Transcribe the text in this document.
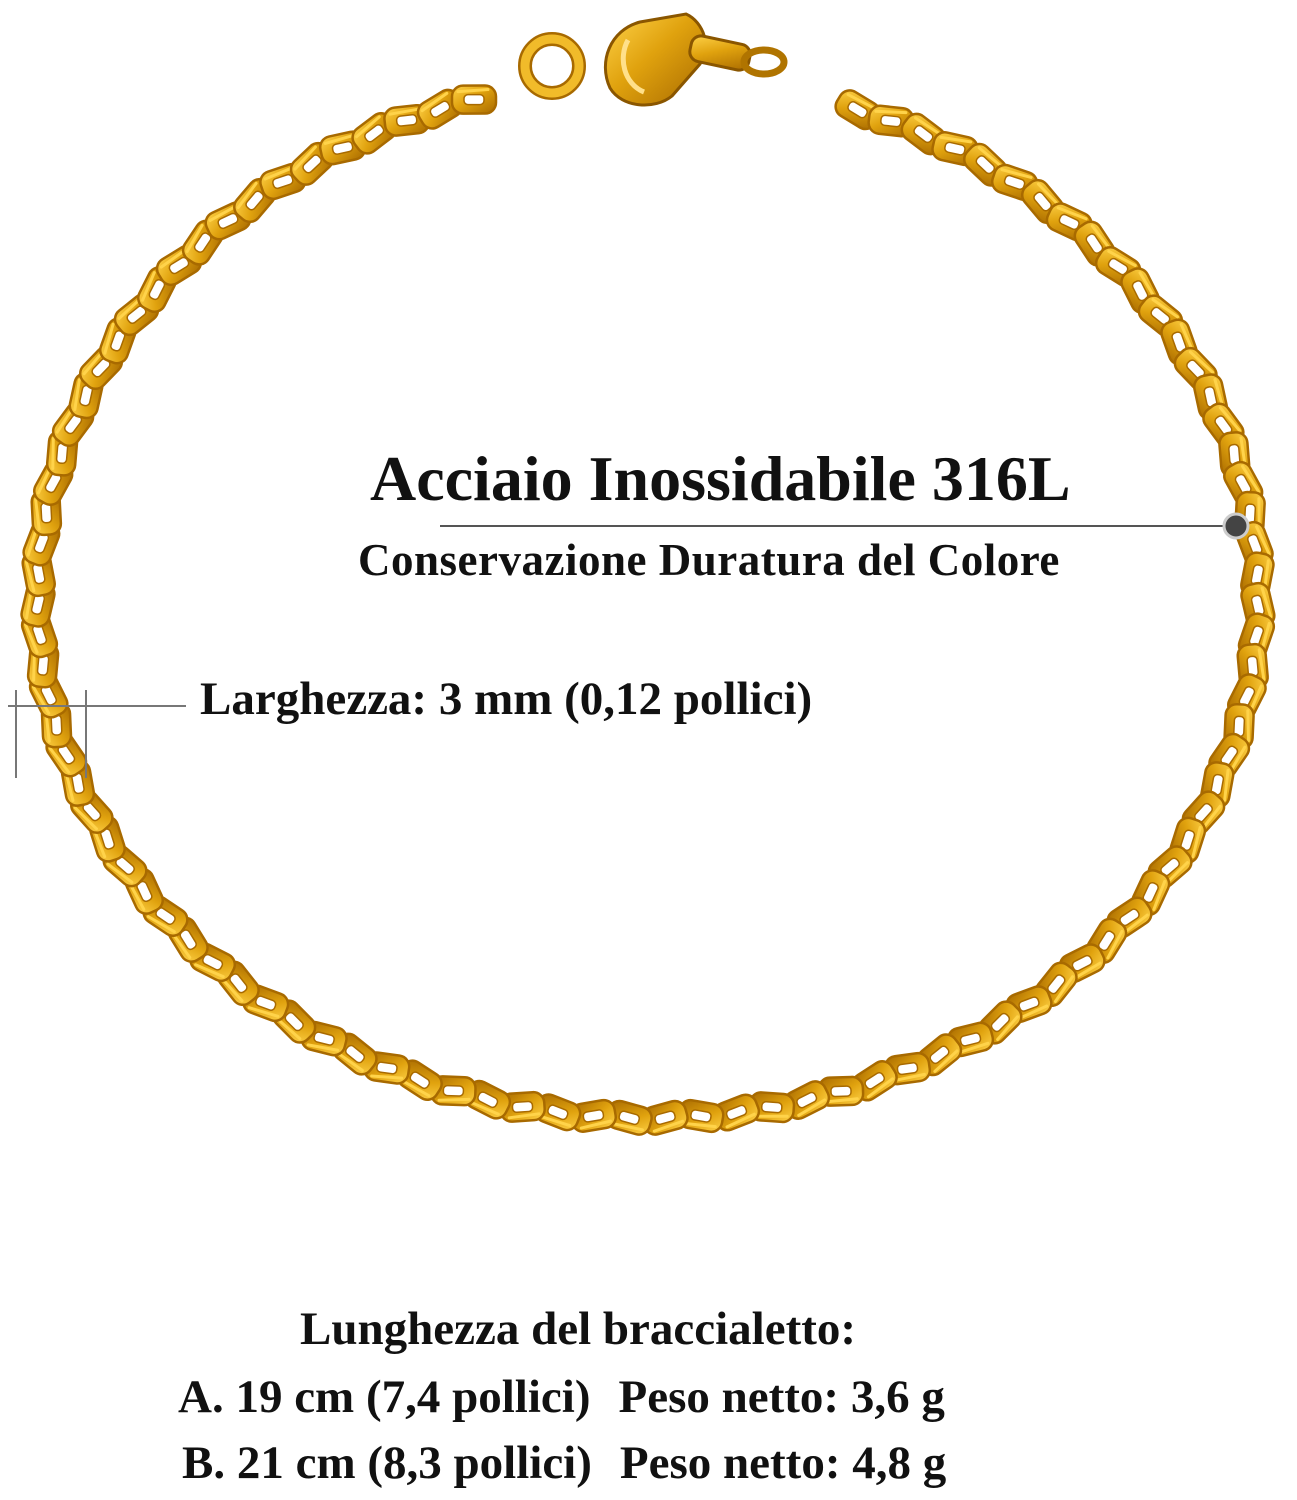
Acciaio Inossidabile 316L
Conservazione Duratura del Colore
Larghezza: 3 mm (0,12 pollici)
Lunghezza del braccialetto:
A. 19 cm (7,4 pollici) Peso netto: 3,6 g
B. 21 cm (8,3 pollici) Peso netto: 4,8 g
